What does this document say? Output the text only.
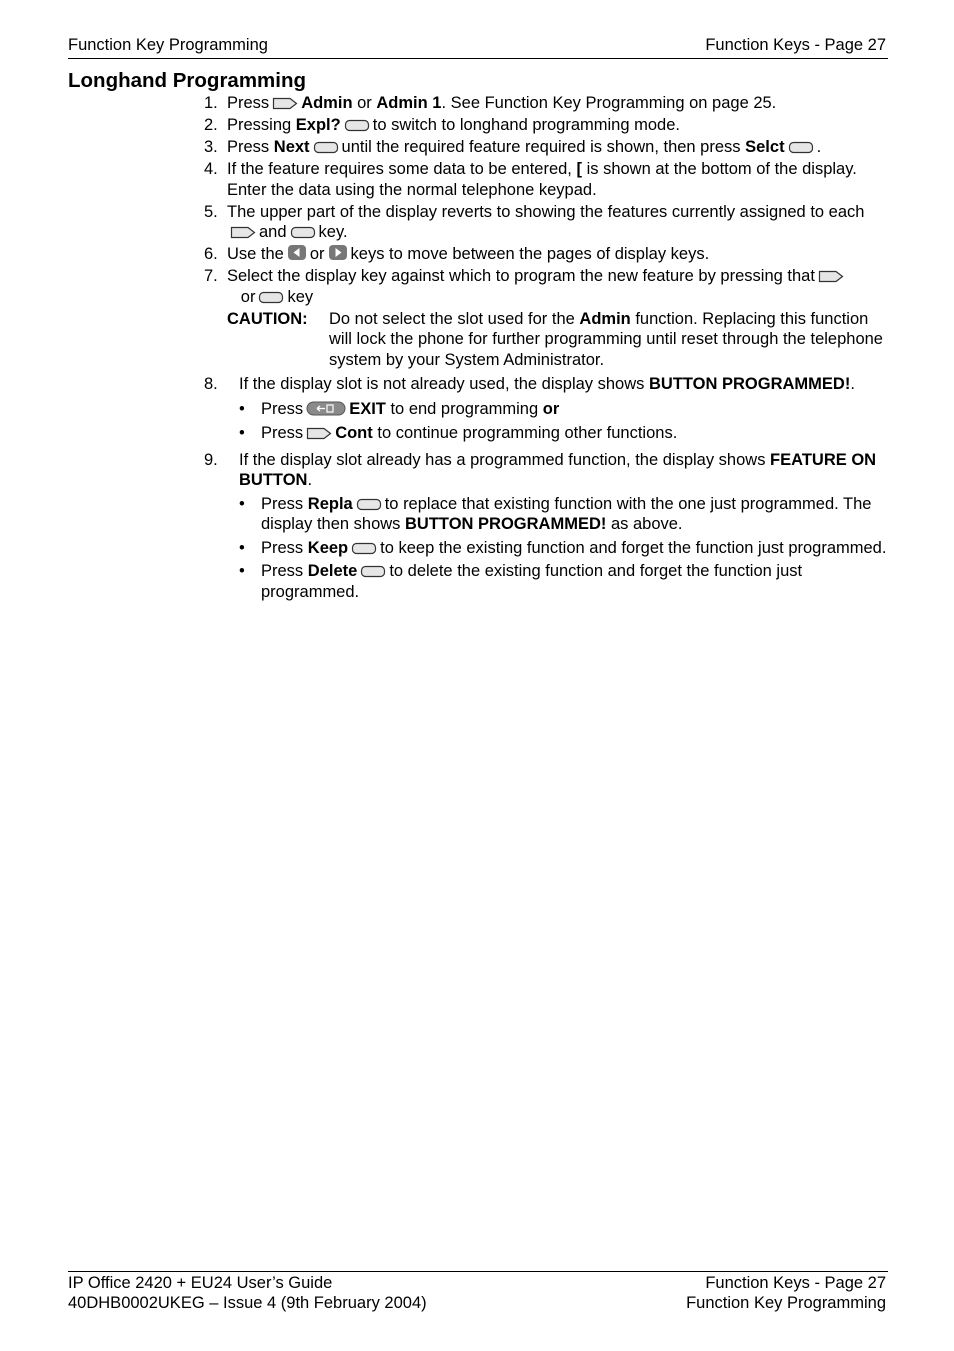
Function Key Programming	Function Keys - Page 27
Longhand Programming
1. Press Admin or Admin 1. See Function Key Programming on page 25.
2. Pressing Expl? to switch to longhand programming mode.
3. Press Next until the required feature required is shown, then press Selct .
4. If the feature requires some data to be entered, [ is shown at the bottom of the display. Enter the data using the normal telephone keypad.
5. The upper part of the display reverts to showing the features currently assigned to each
and key.
6. Use the or keys to move between the pages of display keys.
7. Select the display key against which to program the new feature by pressing that

or key
CAUTION:	Do not select the slot used for the Admin function. Replacing this function will lock the phone for further programming until reset through the telephone system by your System Administrator.
8.	If the display slot is not already used, the display shows BUTTON PROGRAMMED!.
• Press	EXIT to end programming or
• Press Cont to continue programming other functions.
9.	If the display slot already has a programmed function, the display shows FEATURE ON BUTTON.
• Press Repla to replace that existing function with the one just programmed. The display then shows BUTTON PROGRAMMED! as above.
• Press Keep to keep the existing function and forget the function just programmed.
• Press Delete to delete the existing function and forget the function just programmed.
IP Office 2420 + EU24 User’s Guide	Function Keys - Page 27
40DHB0002UKEG – Issue 4 (9th February 2004)	Function Key Programming
